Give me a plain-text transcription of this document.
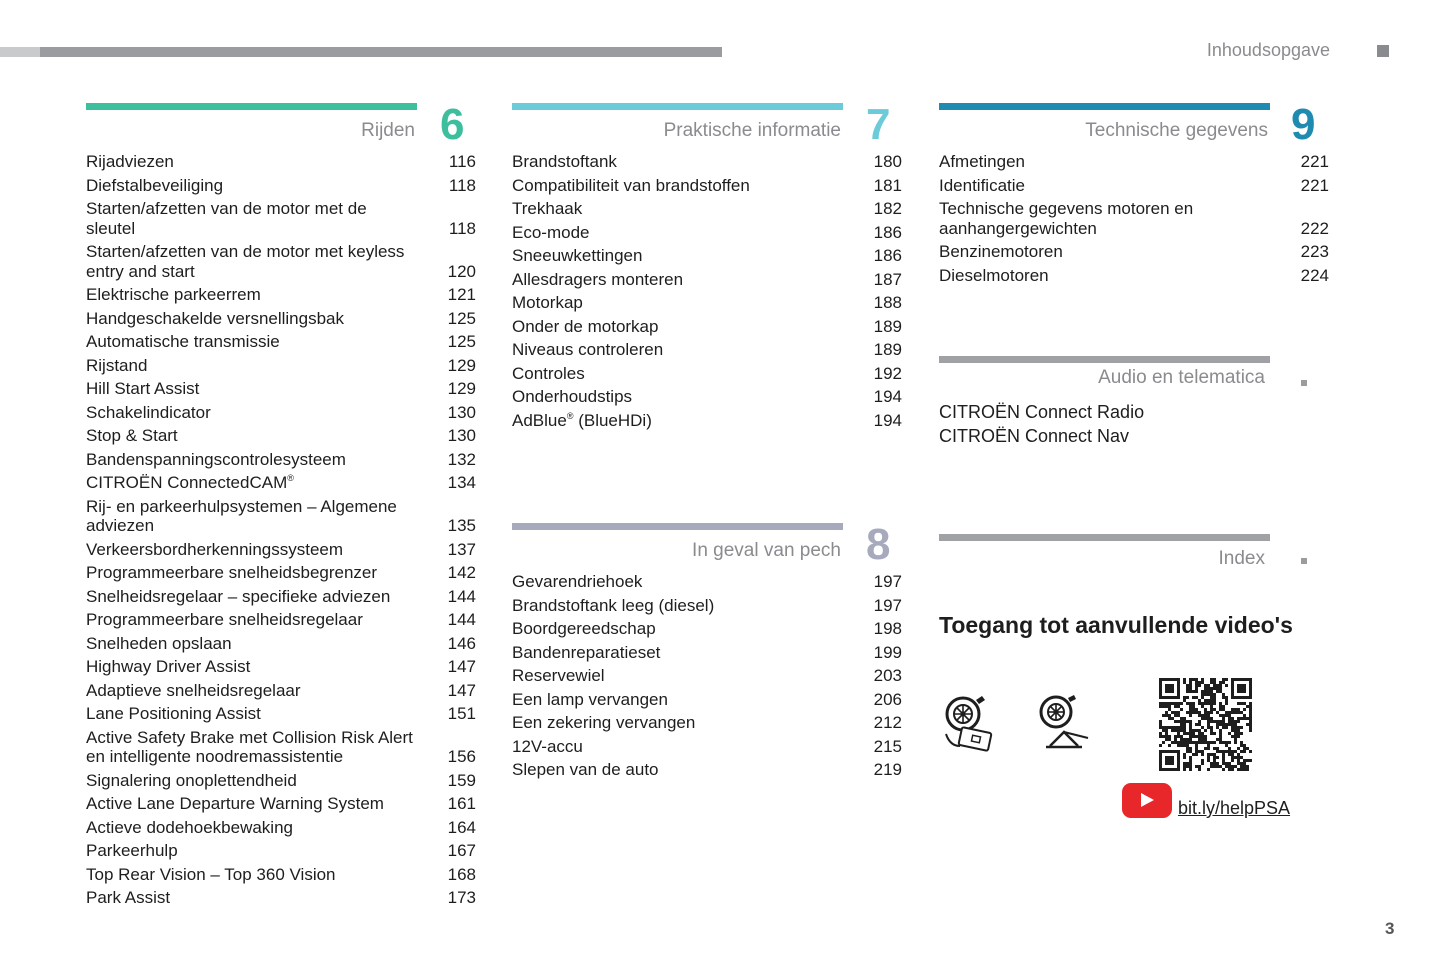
Inhoudsopgave
Rijden 6
Rijadviezen	116
Diefstalbeveiliging	118
Starten/afzetten van de motor met de sleutel	118
Starten/afzetten van de motor met keyless entry and start	120
Elektrische parkeerrem	121
Handgeschakelde versnellingsbak	125
Automatische transmissie	125
Rijstand	129
Hill Start Assist	129
Schakelindicator	130
Stop & Start	130
Bandenspanningscontrolesysteem	132
CITROËN ConnectedCAM®	134
Rij- en parkeerhulpsystemen – Algemene adviezen	135
Verkeersbordherkenningssysteem	137
Programmeerbare snelheidsbegrenzer	142
Snelheidsregelaar – specifieke adviezen	144
Programmeerbare snelheidsregelaar	144
Snelheden opslaan	146
Highway Driver Assist	147
Adaptieve snelheidsregelaar	147
Lane Positioning Assist	151
Active Safety Brake met Collision Risk Alert en intelligente noodremassistentie	156
Signalering onoplettendheid	159
Active Lane Departure Warning System	161
Actieve dodehoekbewaking	164
Parkeerhulp	167
Top Rear Vision – Top 360 Vision	168
Park Assist	173
Praktische informatie 7
Brandstoftank	180
Compatibiliteit van brandstoffen	181
Trekhaak	182
Eco-mode	186
Sneeuwkettingen	186
Allesdragers monteren	187
Motorkap	188
Onder de motorkap	189
Niveaus controleren	189
Controles	192
Onderhoudstips	194
AdBlue® (BlueHDi)	194
In geval van pech 8
Gevarendriehoek	197
Brandstoftank leeg (diesel)	197
Boordgereedschap	198
Bandenreparatieset	199
Reservewiel	203
Een lamp vervangen	206
Een zekering vervangen	212
12V-accu	215
Slepen van de auto	219
Technische gegevens 9
Afmetingen	221
Identificatie	221
Technische gegevens motoren en aanhangergewichten	222
Benzinemotoren	223
Dieselmotoren	224
Audio en telematica
CITROËN Connect Radio
CITROËN Connect Nav
Index
Toegang tot aanvullende video's
bit.ly/helpPSA
3
